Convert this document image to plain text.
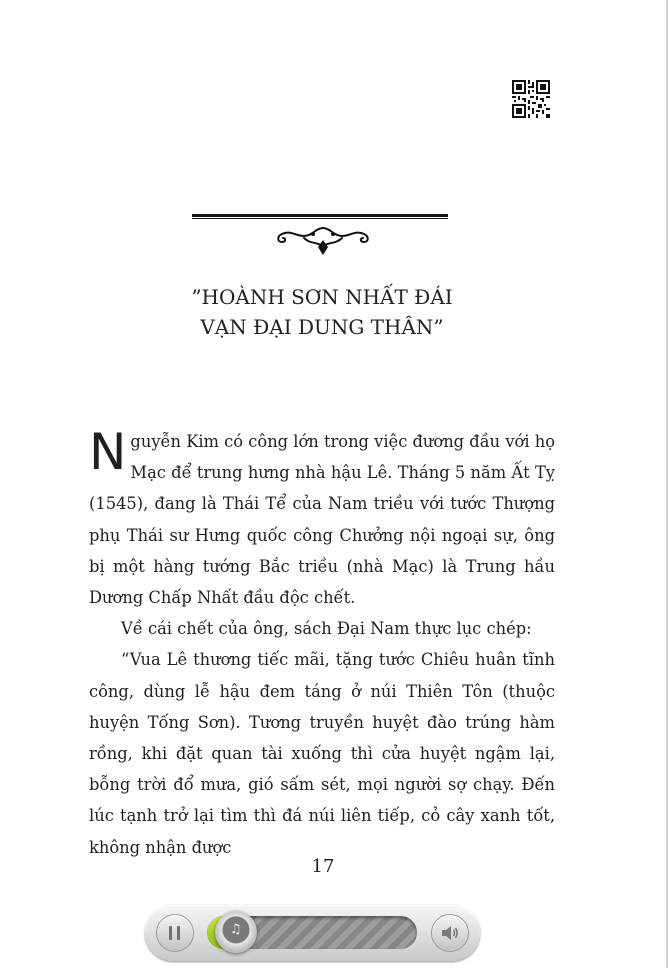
”HOÀNH SƠN NHẤT ĐÁI
VẠN ĐẠI DUNG THÂN”

Nguyễn Kim có công lớn trong việc đương đầu với họ Mạc để trung hưng nhà hậu Lê. Tháng 5 năm Ất Tỵ (1545), đang là Thái Tể của Nam triều với tước Thượng phụ Thái sư Hưng quốc công Chưởng nội ngoại sự, ông bị một hàng tướng Bắc triều (nhà Mạc) là Trung hầu Dương Chấp Nhất đầu độc chết.

Về cái chết của ông, sách Đại Nam thực lục chép:

“Vua Lê thương tiếc mãi, tặng tước Chiêu huân tĩnh công, dùng lễ hậu đem táng ở núi Thiên Tôn (thuộc huyện Tống Sơn). Tương truyền huyệt đào trúng hàm rồng, khi đặt quan tài xuống thì cửa huyệt ngậm lại, bỗng trời đổ mưa, gió sấm sét, mọi người sợ chạy. Đến lúc tạnh trở lại tìm thì đá núi liên tiếp, cỏ cây xanh tốt, không nhận được

17
♫
